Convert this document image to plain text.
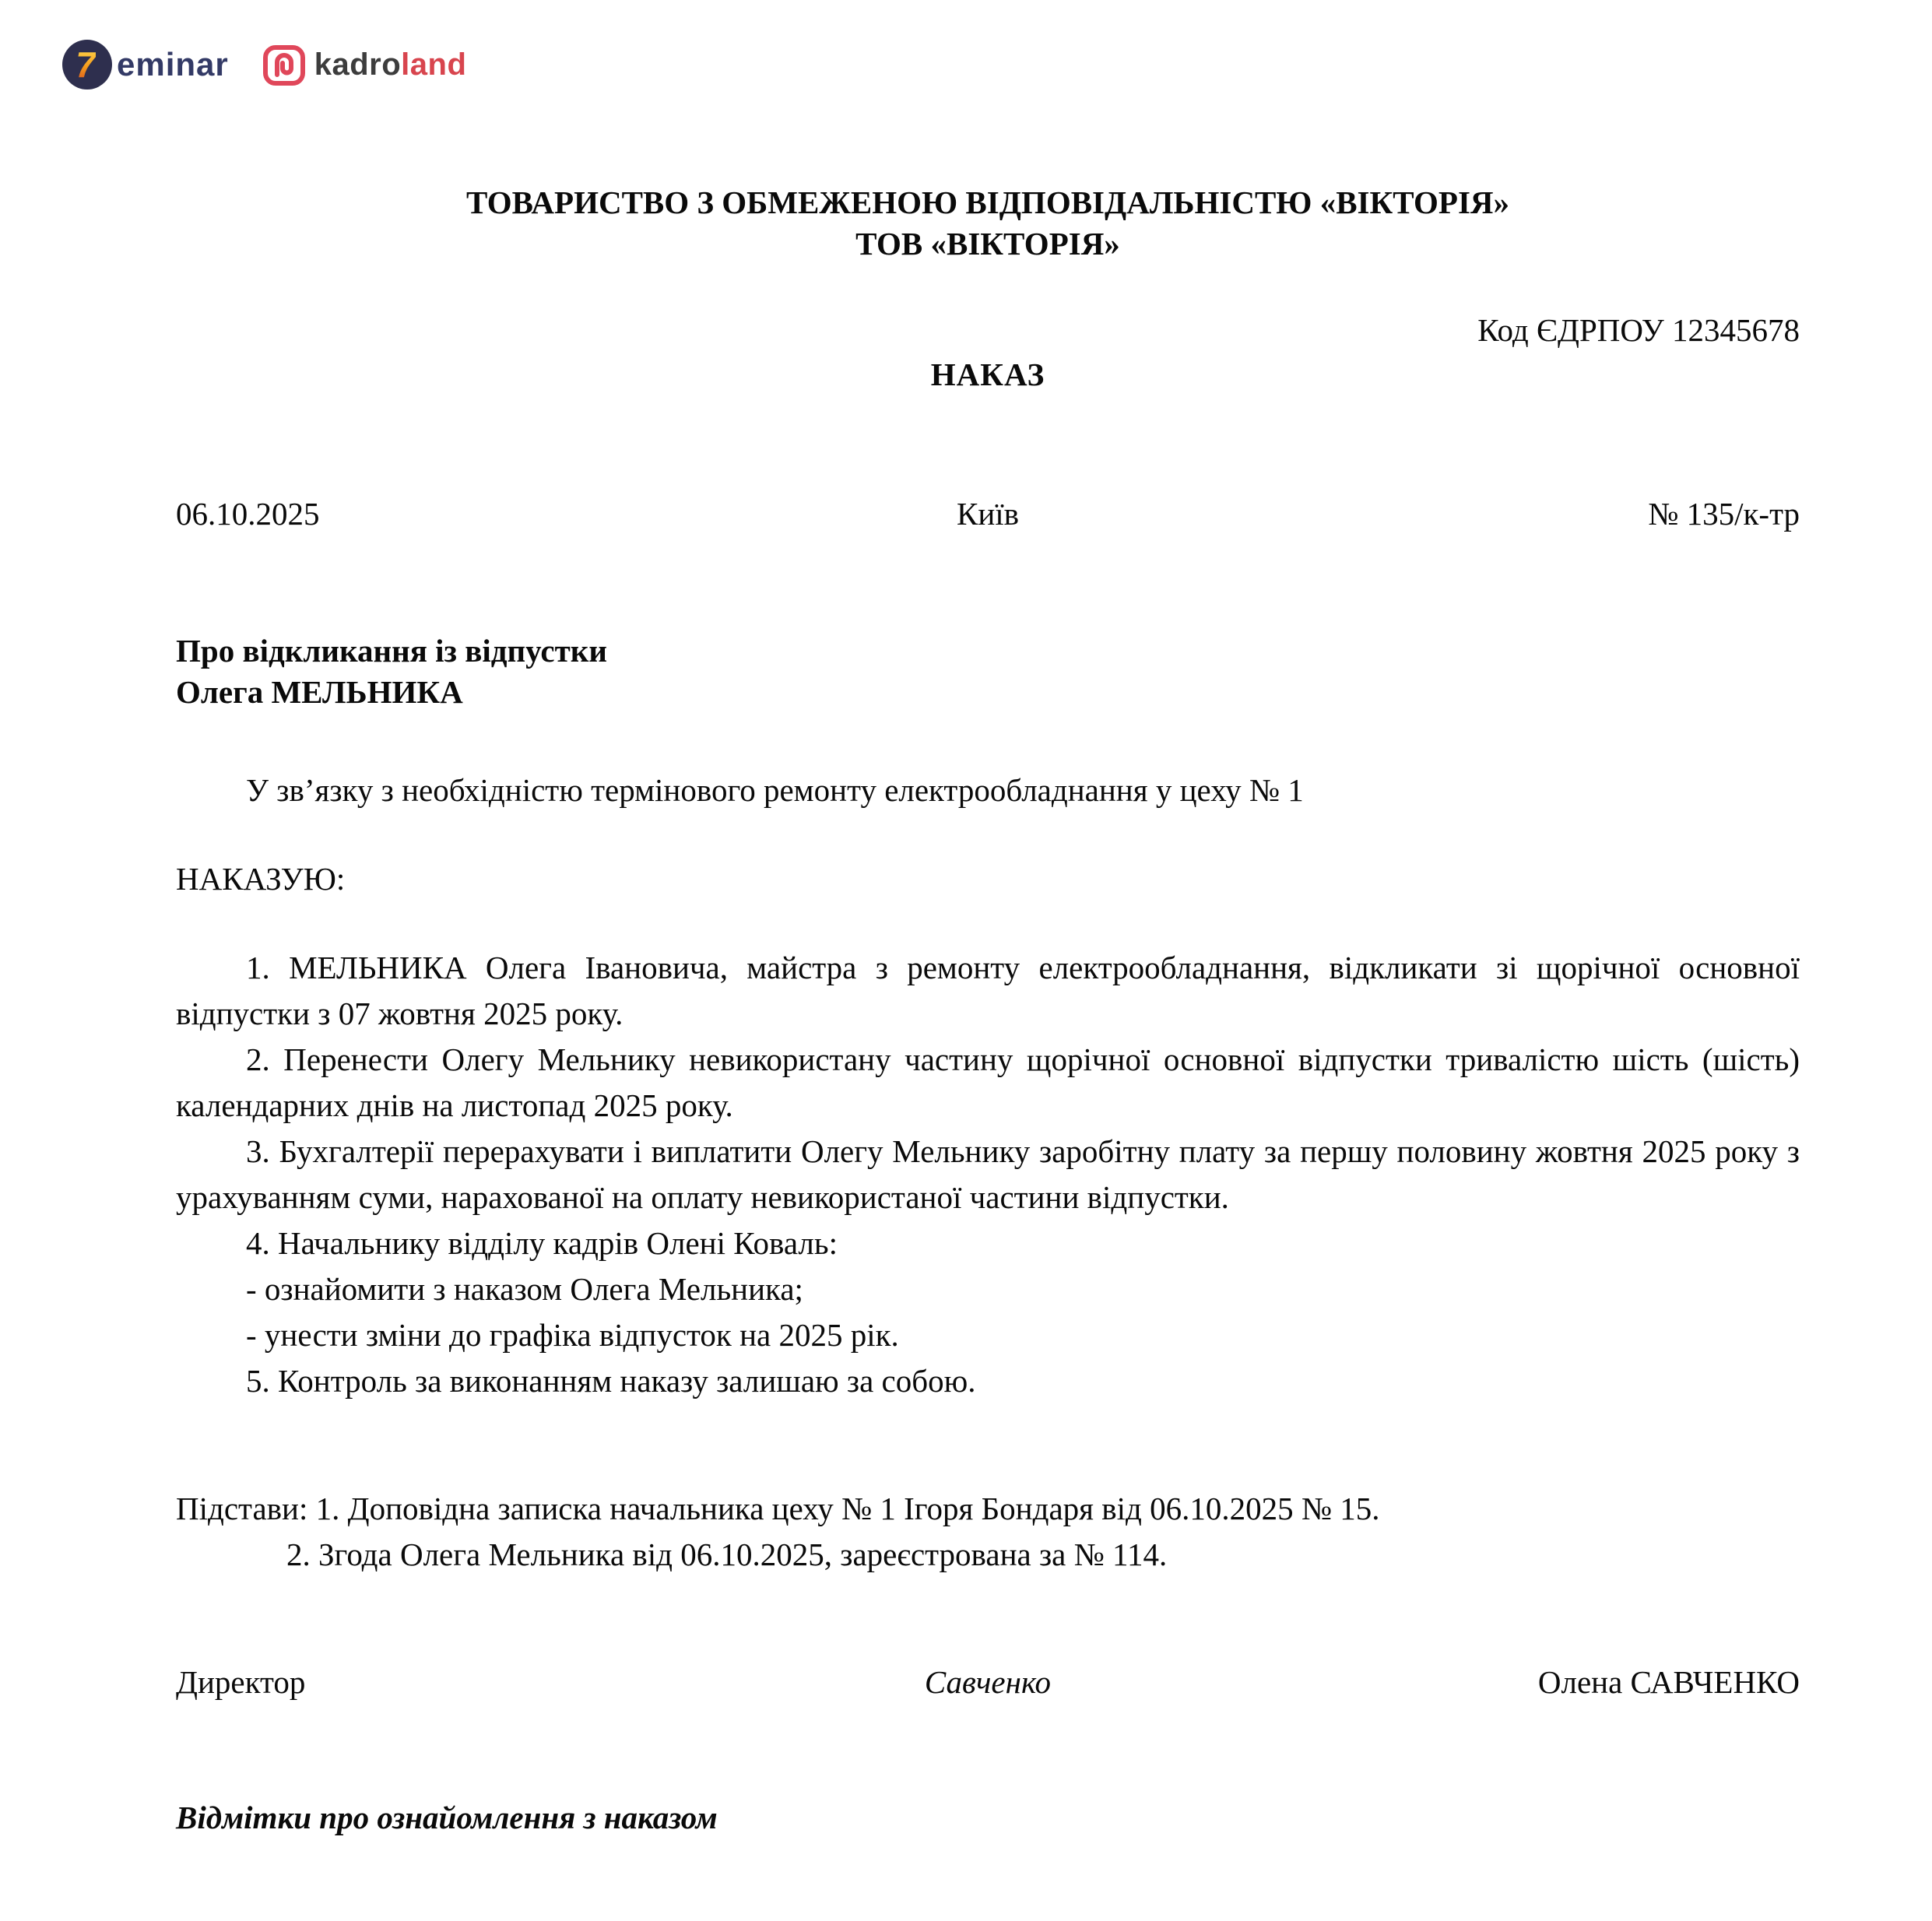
7 eminar	kadroland
ТОВАРИСТВО З ОБМЕЖЕНОЮ ВІДПОВІДАЛЬНІСТЮ «ВІКТОРІЯ»
ТОВ «ВІКТОРІЯ»
Код ЄДРПОУ 12345678
НАКАЗ
06.10.2025	Київ	№ 135/к-тр
Про відкликання із відпустки
Олега МЕЛЬНИКА

У зв’язку з необхідністю термінового ремонту електрообладнання у цеху № 1

НАКАЗУЮ:

1. МЕЛЬНИКА Олега Івановича, майстра з ремонту електрообладнання, відкликати зі щорічної основної відпустки з 07 жовтня 2025 року.

2. Перенести Олегу Мельнику невикористану частину щорічної основної відпустки тривалістю шість (шість) календарних днів на листопад 2025 року.

3. Бухгалтерії перерахувати і виплатити Олегу Мельнику заробітну плату за першу половину жовтня 2025 року з урахуванням суми, нарахованої на оплату невикористаної частини відпустки.

4. Начальнику відділу кадрів Олені Коваль:

- ознайомити з наказом Олега Мельника;

- унести зміни до графіка відпусток на 2025 рік.

5. Контроль за виконанням наказу залишаю за собою.

Підстави: 1. Доповідна записка начальника цеху № 1 Ігоря Бондаря від 06.10.2025 № 15.

2. Згода Олега Мельника від 06.10.2025, зареєстрована за № 114.

Директор	Савченко	Олена САВЧЕНКО
Відмітки про ознайомлення з наказом
